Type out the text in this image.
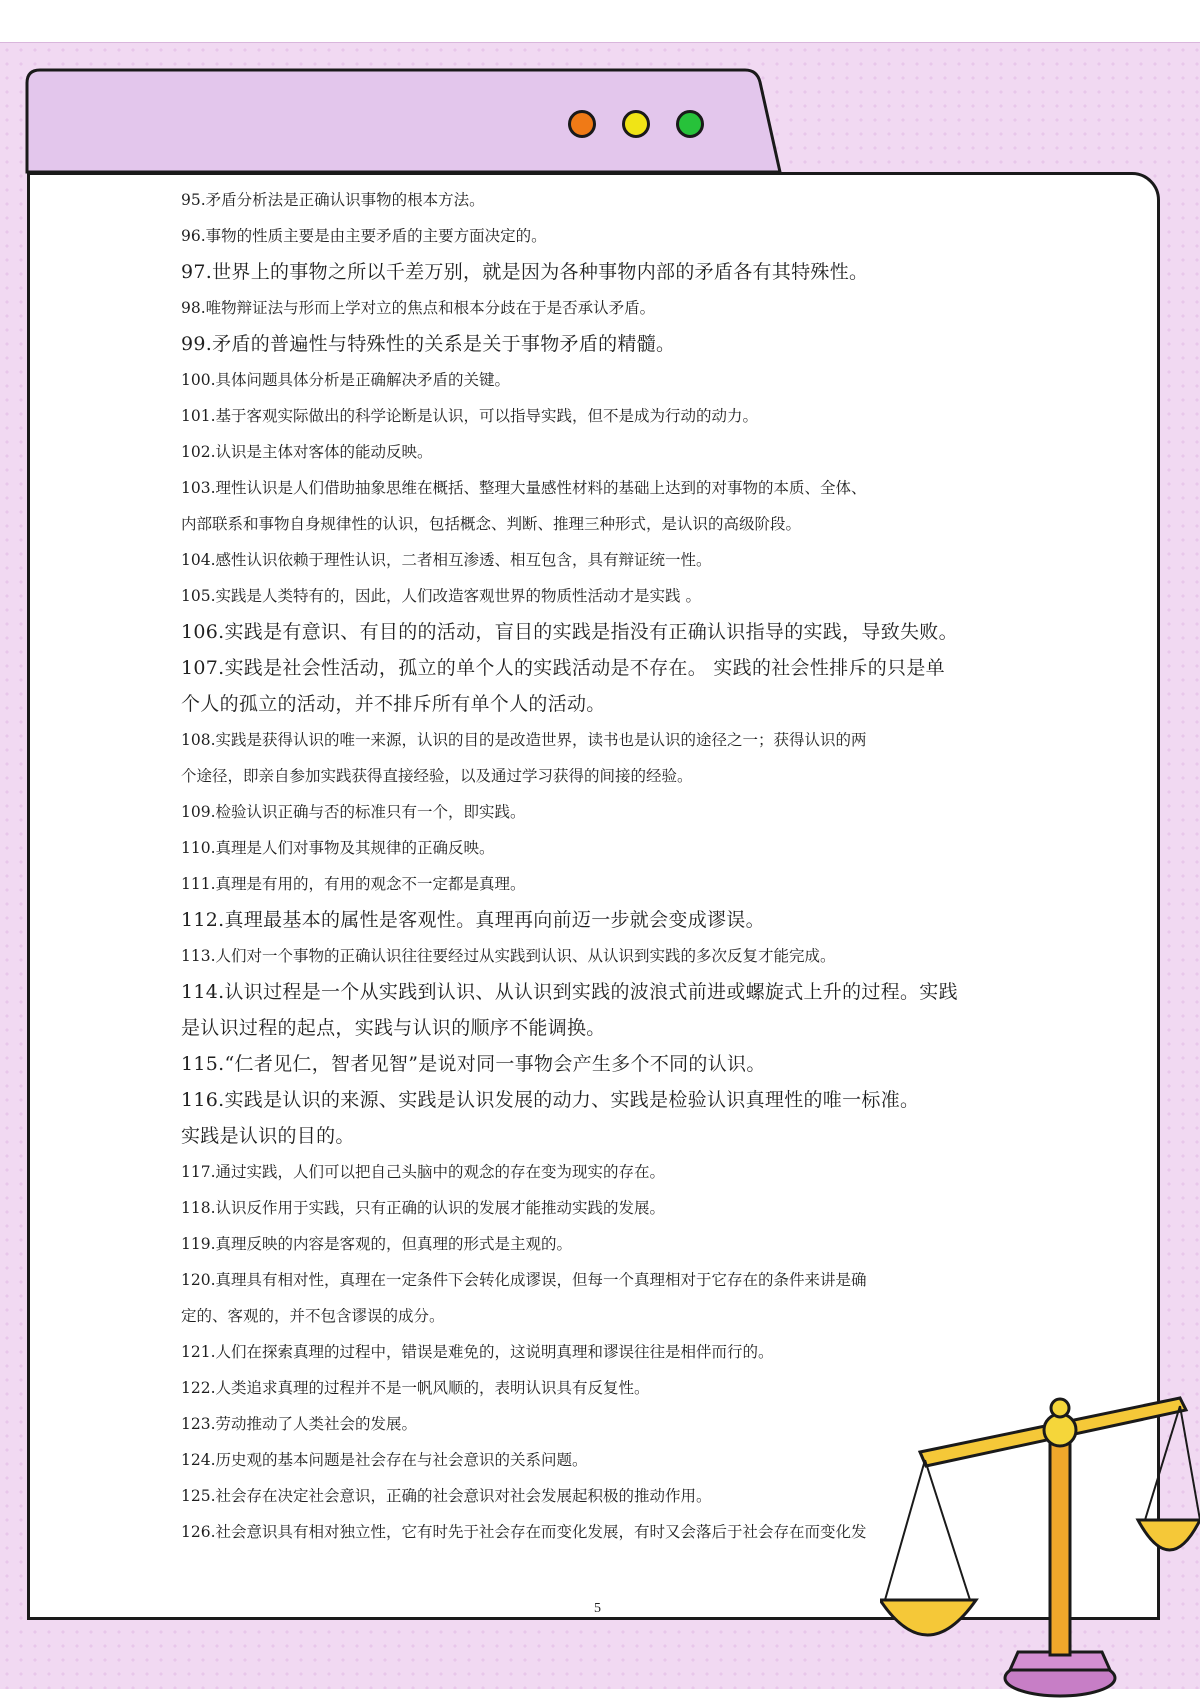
95.矛盾分析法是正确认识事物的根本方法。
96.事物的性质主要是由主要矛盾的主要方面决定的。
97.世界上的事物之所以千差万别，就是因为各种事物内部的矛盾各有其特殊性。
98.唯物辩证法与形而上学对立的焦点和根本分歧在于是否承认矛盾。
99.矛盾的普遍性与特殊性的关系是关于事物矛盾的精髓。
100.具体问题具体分析是正确解决矛盾的关键。
101.基于客观实际做出的科学论断是认识，可以指导实践，但不是成为行动的动力。
102.认识是主体对客体的能动反映。
103.理性认识是人们借助抽象思维在概括、整理大量感性材料的基础上达到的对事物的本质、全体、
内部联系和事物自身规律性的认识，包括概念、判断、推理三种形式，是认识的高级阶段。
104.感性认识依赖于理性认识，二者相互渗透、相互包含，具有辩证统一性。
105.实践是人类特有的，因此，人们改造客观世界的物质性活动才是实践 。
106.实践是有意识、有目的的活动，盲目的实践是指没有正确认识指导的实践，导致失败。
107.实践是社会性活动，孤立的单个人的实践活动是不存在。 实践的社会性排斥的只是单
个人的孤立的活动，并不排斥所有单个人的活动。
108.实践是获得认识的唯一来源，认识的目的是改造世界，读书也是认识的途径之一；获得认识的两
个途径，即亲自参加实践获得直接经验，以及通过学习获得的间接的经验。
109.检验认识正确与否的标准只有一个，即实践。
110.真理是人们对事物及其规律的正确反映。
111.真理是有用的，有用的观念不一定都是真理。
112.真理最基本的属性是客观性。真理再向前迈一步就会变成谬误。
113.人们对一个事物的正确认识往往要经过从实践到认识、从认识到实践的多次反复才能完成。
114.认识过程是一个从实践到认识、从认识到实践的波浪式前进或螺旋式上升的过程。实践
是认识过程的起点，实践与认识的顺序不能调换。
115.“仁者见仁，智者见智”是说对同一事物会产生多个不同的认识。
116.实践是认识的来源、实践是认识发展的动力、实践是检验认识真理性的唯一标准。
实践是认识的目的。
117.通过实践，人们可以把自己头脑中的观念的存在变为现实的存在。
118.认识反作用于实践，只有正确的认识的发展才能推动实践的发展。
119.真理反映的内容是客观的，但真理的形式是主观的。
120.真理具有相对性，真理在一定条件下会转化成谬误，但每一个真理相对于它存在的条件来讲是确
定的、客观的，并不包含谬误的成分。
121.人们在探索真理的过程中，错误是难免的，这说明真理和谬误往往是相伴而行的。
122.人类追求真理的过程并不是一帆风顺的，表明认识具有反复性。
123.劳动推动了人类社会的发展。
124.历史观的基本问题是社会存在与社会意识的关系问题。
125.社会存在决定社会意识，正确的社会意识对社会发展起积极的推动作用。
126.社会意识具有相对独立性，它有时先于社会存在而变化发展，有时又会落后于社会存在而变化发
5
